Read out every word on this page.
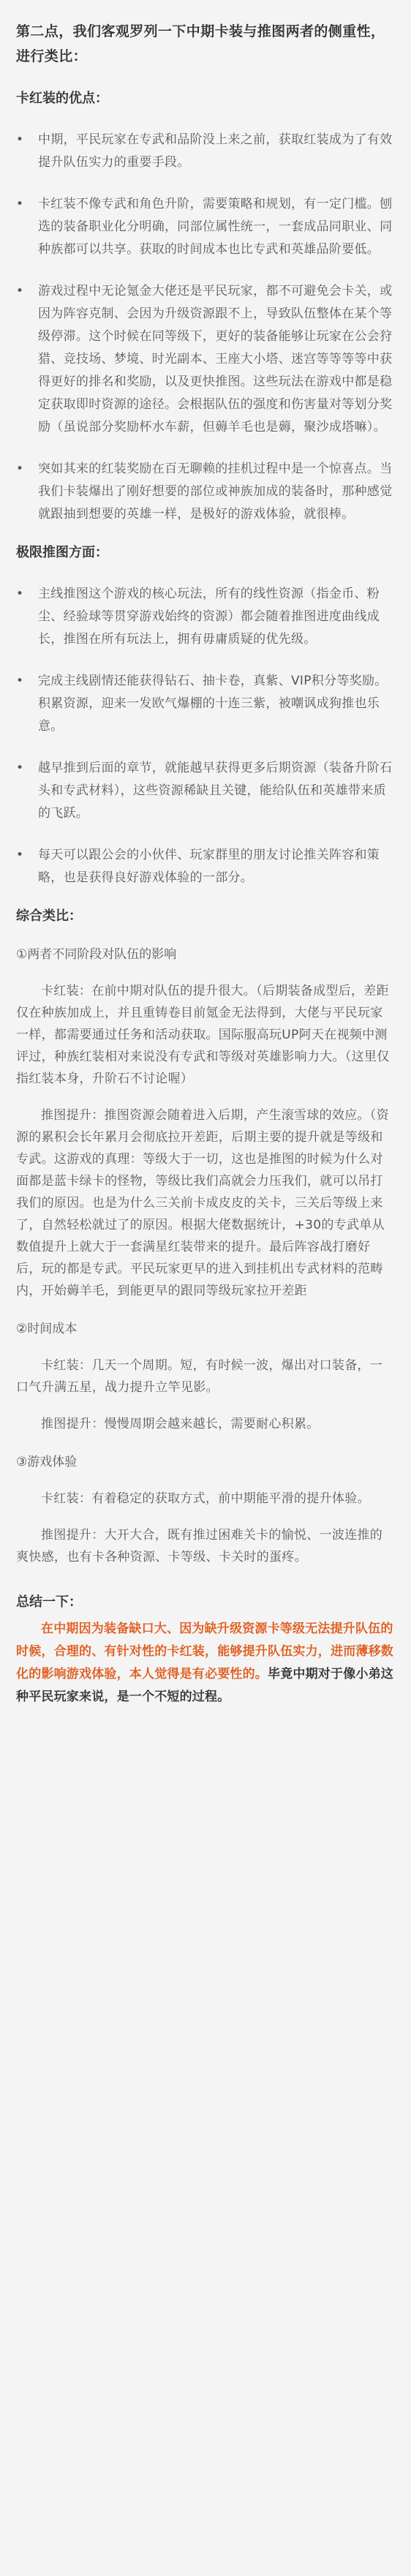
第二点，我们客观罗列一下中期卡装与推图两者的侧重性，进行类比：
卡红装的优点：
• 中期，平民玩家在专武和品阶没上来之前，获取红装成为了有效提升队伍实力的重要手段。

• 卡红装不像专武和角色升阶，需要策略和规划，有一定门槛。刨选的装备职业化分明确，同部位属性统一，一套成品同职业、同种族都可以共享。获取的时间成本也比专武和英雄品阶要低。

• 游戏过程中无论氪金大佬还是平民玩家，都不可避免会卡关，或因为阵容克制、会因为升级资源跟不上，导致队伍整体在某个等级停滞。这个时候在同等级下，更好的装备能够让玩家在公会狩猎、竞技场、梦境、时光副本、王座大小塔、迷宫等等等等中获得更好的排名和奖励，以及更快推图。这些玩法在游戏中都是稳定获取即时资源的途径。会根据队伍的强度和伤害量对等划分奖励（虽说部分奖励杯水车薪，但薅羊毛也是薅，聚沙成塔嘛）。

• 突如其来的红装奖励在百无聊赖的挂机过程中是一个惊喜点。当我们卡装爆出了刚好想要的部位或神族加成的装备时，那种感觉就跟抽到想要的英雄一样，是极好的游戏体验，就很棒。

极限推图方面：
• 主线推图这个游戏的核心玩法，所有的线性资源（指金币、粉尘、经验球等贯穿游戏始终的资源）都会随着推图进度曲线成长，推图在所有玩法上，拥有毋庸质疑的优先级。

• 完成主线剧情还能获得钻石、抽卡卷，真紫、VIP积分等奖励。

积累资源，迎来一发欧气爆棚的十连三紫，被嘲讽成狗推也乐意。

• 越早推到后面的章节，就能越早获得更多后期资源（装备升阶石头和专武材料），这些资源稀缺且关键，能给队伍和英雄带来质的飞跃。

• 每天可以跟公会的小伙伴、玩家群里的朋友讨论推关阵容和策略，也是获得良好游戏体验的一部分。

综合类比：
①两者不同阶段对队伍的影响
卡红装：在前中期对队伍的提升很大。（后期装备成型后，差距仅在种族加成上，并且重铸卷目前氪金无法得到，大佬与平民玩家一样，都需要通过任务和活动获取。国际服高玩UP阿天在视频中测评过，种族红装相对来说没有专武和等级对英雄影响力大。（这里仅指红装本身，升阶石不讨论喔）
推图提升：推图资源会随着进入后期，产生滚雪球的效应。（资源的累积会长年累月会彻底拉开差距，后期主要的提升就是等级和专武。这游戏的真理：等级大于一切，这也是推图的时候为什么对面都是蓝卡绿卡的怪物，等级比我们高就会力压我们，就可以吊打我们的原因。也是为什么三关前卡成皮皮的关卡，三关后等级上来了，自然轻松就过了的原因。根据大佬数据统计，+30的专武单从数值提升上就大于一套满星红装带来的提升。最后阵容战打磨好后，玩的都是专武。平民玩家更早的进入到挂机出专武材料的范畴内，开始薅羊毛，到能更早的跟同等级玩家拉开差距
②时间成本
卡红装：几天一个周期。短，有时候一波，爆出对口装备，一口气升满五星，战力提升立竿见影。
推图提升：慢慢周期会越来越长，需要耐心积累。
③游戏体验
卡红装：有着稳定的获取方式，前中期能平滑的提升体验。
推图提升：大开大合，既有推过困难关卡的愉悦、一波连推的爽快感，也有卡各种资源、卡等级、卡关时的蛋疼。
总结一下：
在中期因为装备缺口大、因为缺升级资源卡等级无法提升队伍的时候，合理的、有针对性的卡红装，能够提升队伍实力，进而薄移数化的影响游戏体验，本人觉得是有必要性的。毕竟中期对于像小弟这种平民玩家来说，是一个不短的过程。
